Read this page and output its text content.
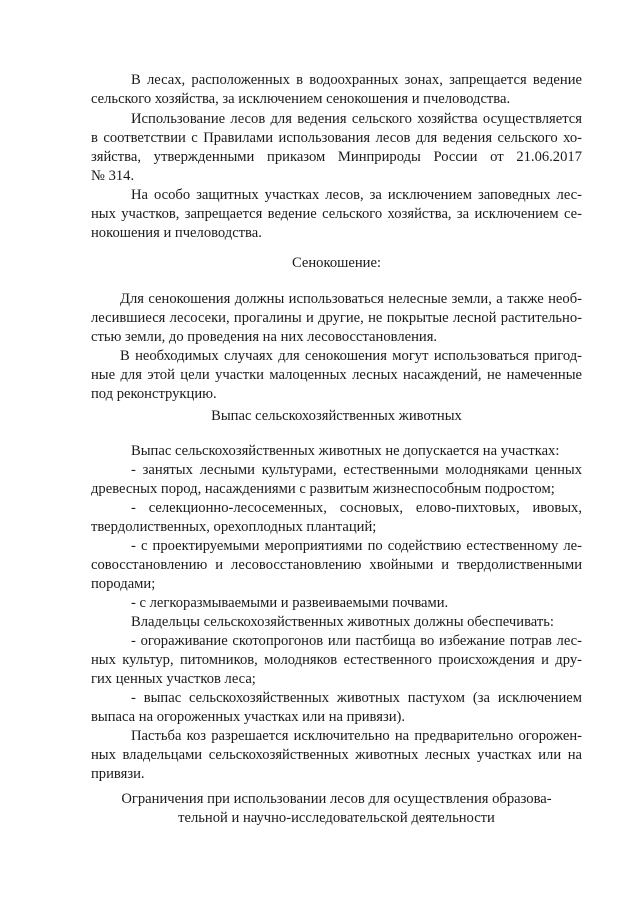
В лесах, расположенных в водоохранных зонах, запрещается ведение

сельского хозяйства, за исключением сенокошения и пчеловодства.

Использование лесов для ведения сельского хозяйства осуществляется

в соответствии с Правилами использования лесов для ведения сельского хо-

зяйства, утвержденными приказом Минприроды России от 21.06.2017

№ 314.

На особо защитных участках лесов, за исключением заповедных лес-

ных участков, запрещается ведение сельского хозяйства, за исключением се-

нокошения и пчеловодства.

Сенокошение:

Для сенокошения должны использоваться нелесные земли, а также необ-

лесившиеся лесосеки, прогалины и другие, не покрытые лесной растительно-

стью земли, до проведения на них лесовосстановления.

В необходимых случаях для сенокошения могут использоваться пригод-

ные для этой цели участки малоценных лесных насаждений, не намеченные

под реконструкцию.

Выпас сельскохозяйственных животных

Выпас сельскохозяйственных животных не допускается на участках:

- занятых лесными культурами, естественными молодняками ценных

древесных пород, насаждениями с развитым жизнеспособным подростом;

- селекционно-лесосеменных, сосновых, елово-пихтовых, ивовых,

твердолиственных, орехоплодных плантаций;

- с проектируемыми мероприятиями по содействию естественному ле-

совосстановлению и лесовосстановлению хвойными и твердолиственными

породами;

- с легкоразмываемыми и развеиваемыми почвами.

Владельцы сельскохозяйственных животных должны обеспечивать:

- огораживание скотопрогонов или пастбища во избежание потрав лес-

ных культур, питомников, молодняков естественного происхождения и дру-

гих ценных участков леса;

- выпас сельскохозяйственных животных пастухом (за исключением

выпаса на огороженных участках или на привязи).

Пастьба коз разрешается исключительно на предварительно огорожен-

ных владельцами сельскохозяйственных животных лесных участках или на

привязи.

Ограничения при использовании лесов для осуществления образова-

тельной и научно-исследовательской деятельности
